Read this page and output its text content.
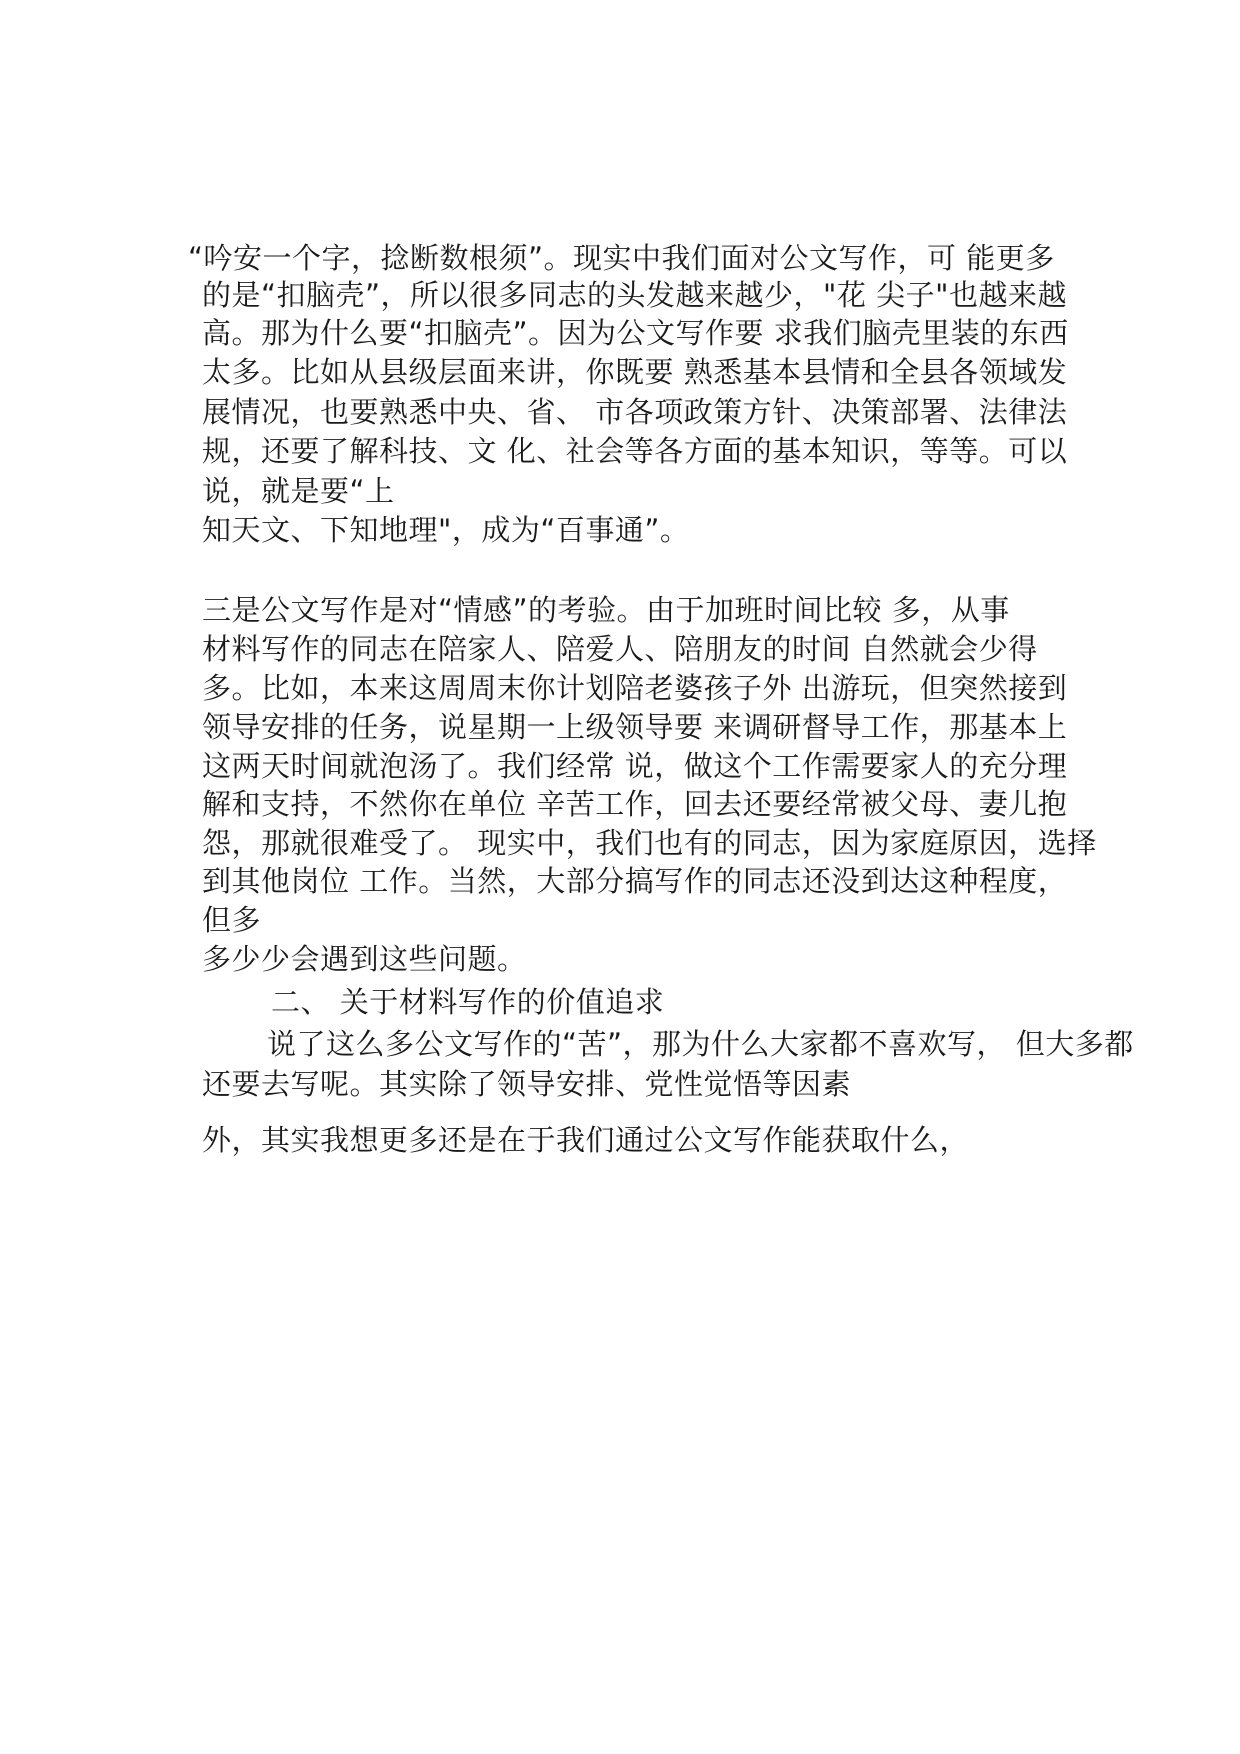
“吟安一个字，捻断数根须”。现实中我们面对公文写作，可 能更多
的是“扣脑壳”，所以很多同志的头发越来越少，"花 尖子"也越来越
高。那为什么要“扣脑壳”。因为公文写作要 求我们脑壳里装的东西
太多。比如从县级层面来讲，你既要 熟悉基本县情和全县各领域发
展情况，也要熟悉中央、省、 市各项政策方针、决策部署、法律法
规，还要了解科技、文 化、社会等各方面的基本知识，等等。可以
说，就是要“上
知天文、下知地理"，成为“百事通”。
三是公文写作是对“情感”的考验。由于加班时间比较 多，从事
材料写作的同志在陪家人、陪爱人、陪朋友的时间 自然就会少得
多。比如，本来这周周末你计划陪老婆孩子外 出游玩，但突然接到
领导安排的任务，说星期一上级领导要 来调研督导工作，那基本上
这两天时间就泡汤了。我们经常 说，做这个工作需要家人的充分理
解和支持，不然你在单位 辛苦工作，回去还要经常被父母、妻儿抱
怨，那就很难受了。 现实中，我们也有的同志，因为家庭原因，选择
到其他岗位 工作。当然，大部分搞写作的同志还没到达这种程度，
但多
多少少会遇到这些问题。
二、 关于材料写作的价值追求
说了这么多公文写作的“苦”，那为什么大家都不喜欢写， 但大多都
还要去写呢。其实除了领导安排、党性觉悟等因素
外，其实我想更多还是在于我们通过公文写作能获取什么，
